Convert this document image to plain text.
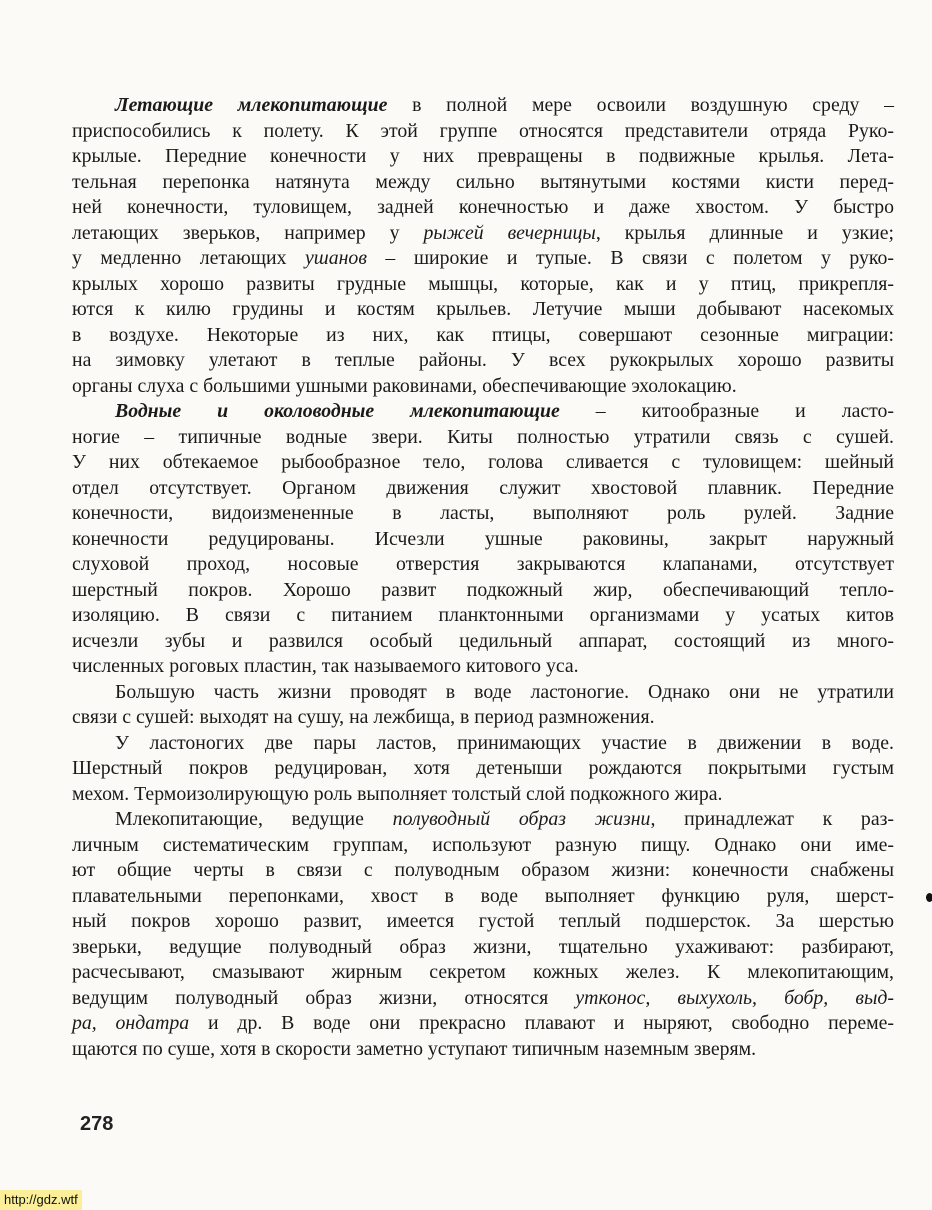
Летающие млекопитающие в полной мере освоили воздушную среду –
приспособились к полету. К этой группе относятся представители отряда Руко-
крылые. Передние конечности у них превращены в подвижные крылья. Лета-
тельная перепонка натянута между сильно вытянутыми костями кисти перед-
ней конечности, туловищем, задней конечностью и даже хвостом. У быстро
летающих зверьков, например у рыжей вечерницы, крылья длинные и узкие;
у медленно летающих ушанов – широкие и тупые. В связи с полетом у руко-
крылых хорошо развиты грудные мышцы, которые, как и у птиц, прикрепля-
ются к килю грудины и костям крыльев. Летучие мыши добывают насекомых
в воздухе. Некоторые из них, как птицы, совершают сезонные миграции:
на зимовку улетают в теплые районы. У всех рукокрылых хорошо развиты
органы слуха с большими ушными раковинами, обеспечивающие эхолокацию.
Водные и околоводные млекопитающие – китообразные и ласто-
ногие – типичные водные звери. Киты полностью утратили связь с сушей.
У них обтекаемое рыбообразное тело, голова сливается с туловищем: шейный
отдел отсутствует. Органом движения служит хвостовой плавник. Передние
конечности, видоизмененные в ласты, выполняют роль рулей. Задние
конечности редуцированы. Исчезли ушные раковины, закрыт наружный
слуховой проход, носовые отверстия закрываются клапанами, отсутствует
шерстный покров. Хорошо развит подкожный жир, обеспечивающий тепло-
изоляцию. В связи с питанием планктонными организмами у усатых китов
исчезли зубы и развился особый цедильный аппарат, состоящий из много-
численных роговых пластин, так называемого китового уса.
Большую часть жизни проводят в воде ластоногие. Однако они не утратили
связи с сушей: выходят на сушу, на лежбища, в период размножения.
У ластоногих две пары ластов, принимающих участие в движении в воде.
Шерстный покров редуцирован, хотя детеныши рождаются покрытыми густым
мехом. Термоизолирующую роль выполняет толстый слой подкожного жира.
Млекопитающие, ведущие полуводный образ жизни, принадлежат к раз-
личным систематическим группам, используют разную пищу. Однако они име-
ют общие черты в связи с полуводным образом жизни: конечности снабжены
плавательными перепонками, хвост в воде выполняет функцию руля, шерст-
ный покров хорошо развит, имеется густой теплый подшерсток. За шерстью
зверьки, ведущие полуводный образ жизни, тщательно ухаживают: разбирают,
расчесывают, смазывают жирным секретом кожных желез. К млекопитающим,
ведущим полуводный образ жизни, относятся утконос, выхухоль, бобр, выд-
ра, ондатра и др. В воде они прекрасно плавают и ныряют, свободно переме-
щаются по суше, хотя в скорости заметно уступают типичным наземным зверям.
278
http://gdz.wtf
